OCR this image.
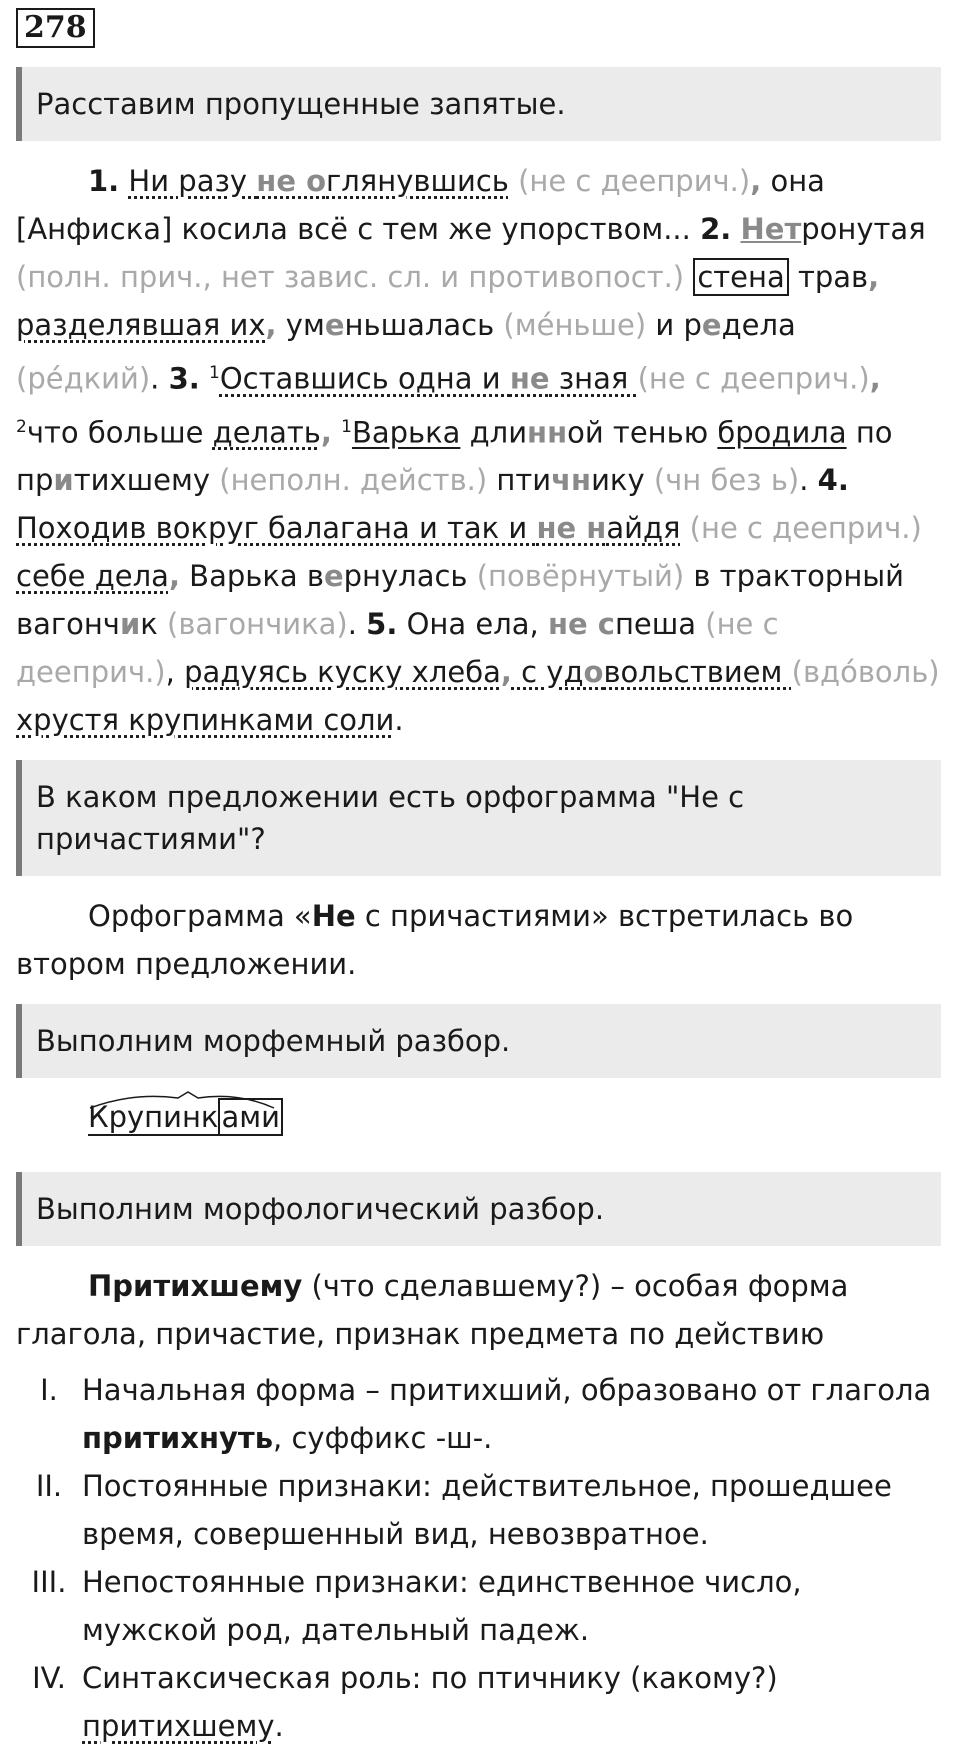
278

Расставим пропущенные запятые.

1. Ни разу не оглянувшись (не с дееприч.), она [Анфиска] косила всё с тем же упорством... 2. Нетронутая (полн. прич., нет завис. сл. и противопост.) стена трав, разделявшая их, уменьшалась (ме́ньше) и редела (ре́дкий). 3. $^1$Оставшись одна и не зная (не с дееприч.), $^2$что больше делать, $^1$Варька длинной тенью бродила по притихшему (неполн. действ.) птичнику (чн без ь). 4. Походив вокруг балагана и так и не найдя (не с дееприч.) себе дела, Варька вернулась (повёрнутый) в тракторный вагончик (вагончика). 5. Она ела, не спеша (не с дееприч.), радуясь куску хлеба, с удовольствием (вдо́воль) хрустя крупинками соли.

В каком предложении есть орфограмма "Не с причастиями"?

Орфограмма «Не с причастиями» встретилась во втором предложении.

Выполним морфемный разбор.

Крупинк ами

Выполним морфологический разбор.

Притихшему (что сделавшему?) – особая форма глагола, причастие, признак предмета по действию

I. Начальная форма – притихший, образовано от глагола притихнуть, суффикс -ш-.
II. Постоянные признаки: действительное, прошедшее время, совершенный вид, невозвратное.
III. Непостоянные признаки: единственное число, мужской род, дательный падеж.
IV. Синтаксическая роль: по птичнику (какому?) притихшему.
